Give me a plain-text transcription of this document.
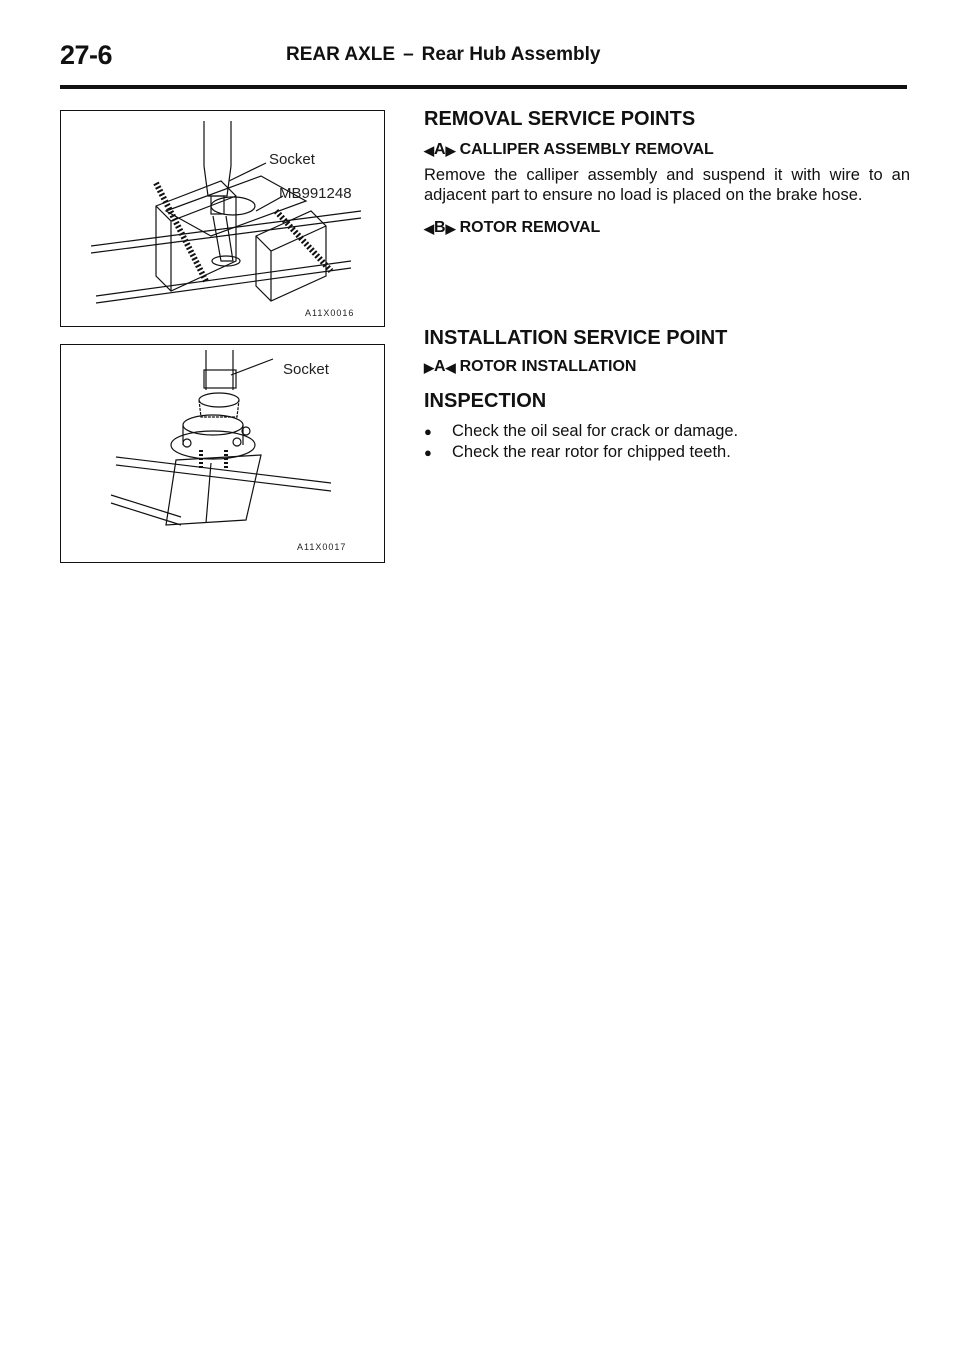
27-6	REAR AXLE – Rear Hub Assembly
Socket
MB991248
A11X0016
Socket
A11X0017
REMOVAL SERVICE POINTS
◀ A ▶ CALLIPER ASSEMBLY REMOVAL

Remove the calliper assembly and suspend it with wire to an adjacent part to ensure no load is placed on the brake hose.

◀ B ▶ ROTOR REMOVAL
INSTALLATION SERVICE POINT
▶ A ◀ ROTOR INSTALLATION
INSPECTION
●	Check the oil seal for crack or damage.
●	Check the rear rotor for chipped teeth.
